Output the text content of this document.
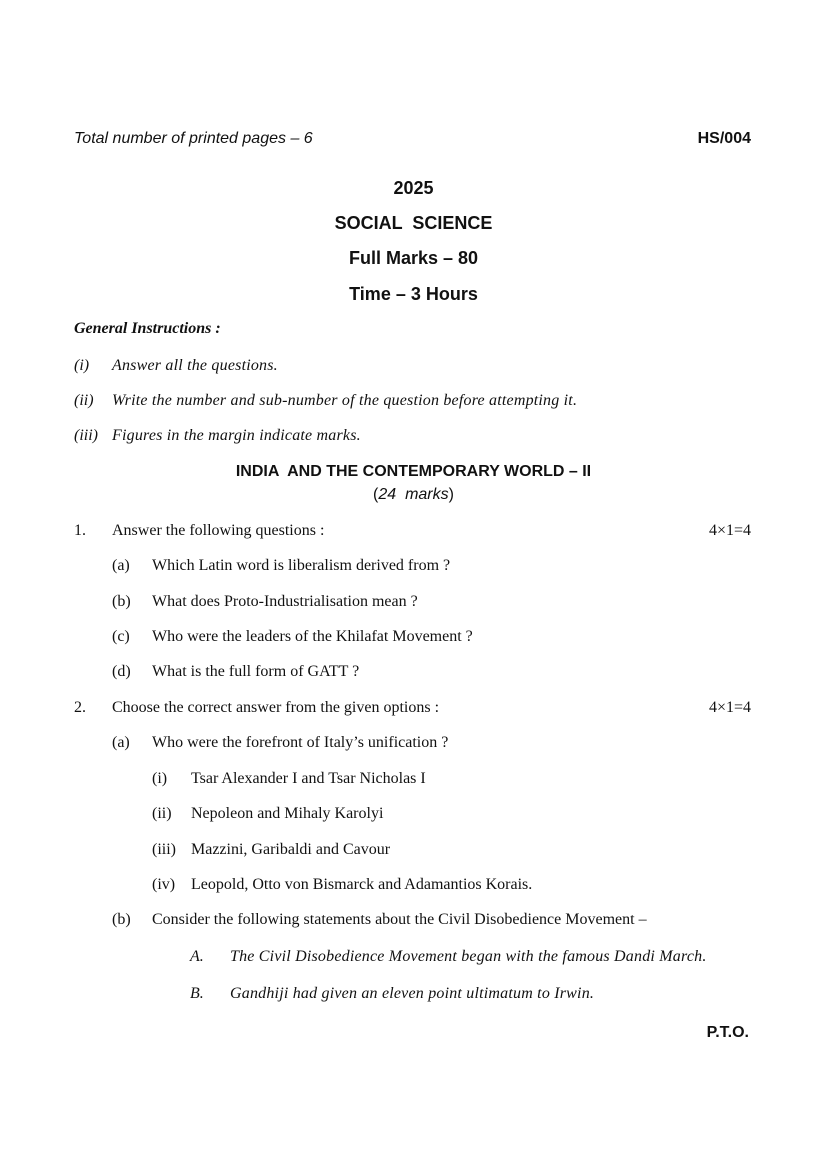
Total number of printed pages – 6	HS/004
2025
SOCIAL  SCIENCE
Full Marks – 80
Time – 3 Hours
General Instructions :
(i) Answer all the questions.
(ii) Write the number and sub-number of the question before attempting it.
(iii) Figures in the margin indicate marks.
INDIA  AND THE CONTEMPORARY WORLD – II
(24  marks)
1. Answer the following questions :	4×1=4
(a) Which Latin word is liberalism derived from ?
(b) What does Proto-Industrialisation mean ?
(c) Who were the leaders of the Khilafat Movement ?
(d) What is the full form of GATT ?
2. Choose the correct answer from the given options :	4×1=4
(a) Who were the forefront of Italy’s unification ?
(i) Tsar Alexander I and Tsar Nicholas I
(ii) Nepoleon and Mihaly Karolyi
(iii) Mazzini, Garibaldi and Cavour
(iv) Leopold, Otto von Bismarck and Adamantios Korais.
(b) Consider the following statements about the Civil Disobedience Movement –
A. The Civil Disobedience Movement began with the famous Dandi March.
B. Gandhiji had given an eleven point ultimatum to Irwin.
P.T.O.
